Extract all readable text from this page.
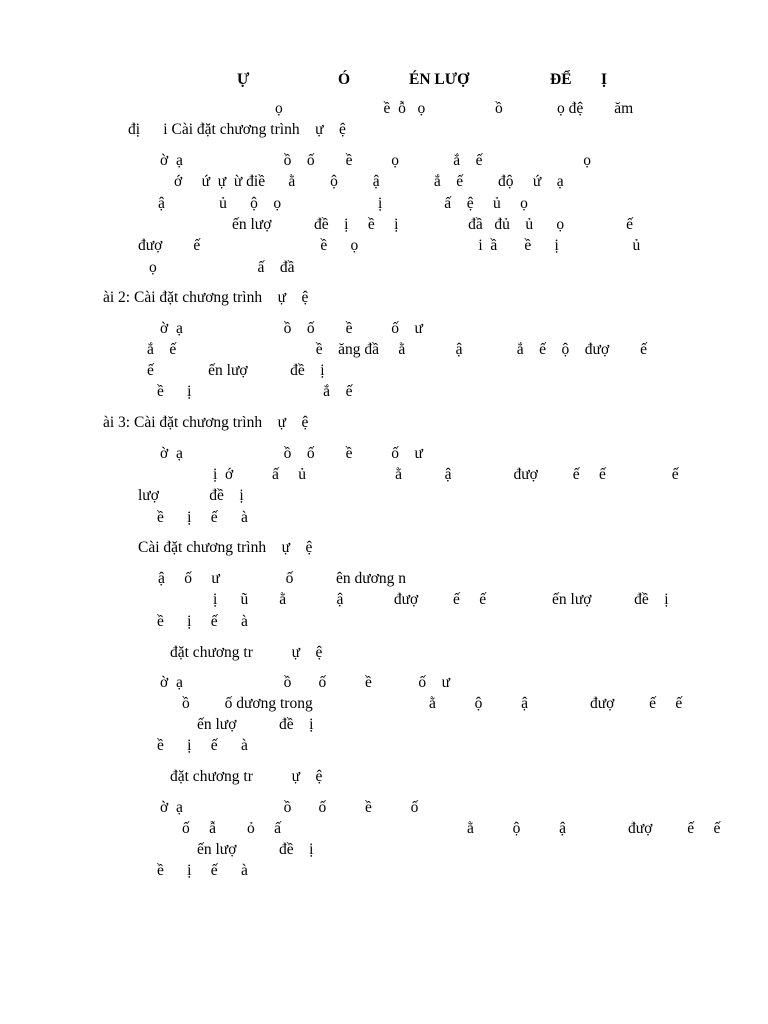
Ự	Ó	ÉN LƯỢ	ĐỂ Ị
ọ                          ề  ỗ   ọ                  ồ              ọ đệ        ăm
đị      i Cài đặt chương trình    ự    ệ
ờ  ạ                          ồ    ố        ề          ọ              ắ    ế                          ọ
ớ     ứ  ự  ừ điề      ằ         ộ         ậ              ắ    ế         độ     ứ    ạ
ậ              ủ      ộ    ọ                         ị                ấ    ệ     ủ     ọ
ến lượ           đề    ị     ề     ị                  đầ   đủ    ủ      ọ                ế
đượ        ế                               ề      ọ                               i  ầ       ề      ị                   ủ
ọ                          ấ    đầ
ài 2: Cài đặt chương trình    ự    ệ
ờ  ạ                          ồ    ố        ề          ố    ư
ắ    ế                                    ề    ăng đầ     ằ             ậ              ắ    ế    ộ    đượ        ế
ế              ến lượ           đề    ị
ề      ị                                  ắ    ế
ài 3: Cài đặt chương trình    ự    ệ
ờ  ạ                          ồ    ố        ề          ố    ư
ị  ớ          ấ     ủ                       ằ           ậ                đượ         ế     ế                 ế
lượ             đề    ị
ề      ị     ế      à
Cài đặt chương trình    ự    ệ
ậ     ố     ư                 ố           ên dương n
ị      ũ        ằ             ậ             đượ         ế     ế                 ến lượ           đề    ị
ề      ị     ế      à
đặt chương tr          ự    ệ
ờ  ạ                          ồ       ố          ề            ố    ư
ồ         ố dương trong                              ằ          ộ          ậ                đượ         ế     ế
ến lượ           đề    ị
ề      ị     ế      à
đặt chương tr          ự    ệ
ờ  ạ                          ồ       ố          ề          ố
ố     ẫ        ỏ     ấ                                                ằ          ộ          ậ                đượ         ế     ế
ến lượ           đề    ị
ề      ị     ế      à
